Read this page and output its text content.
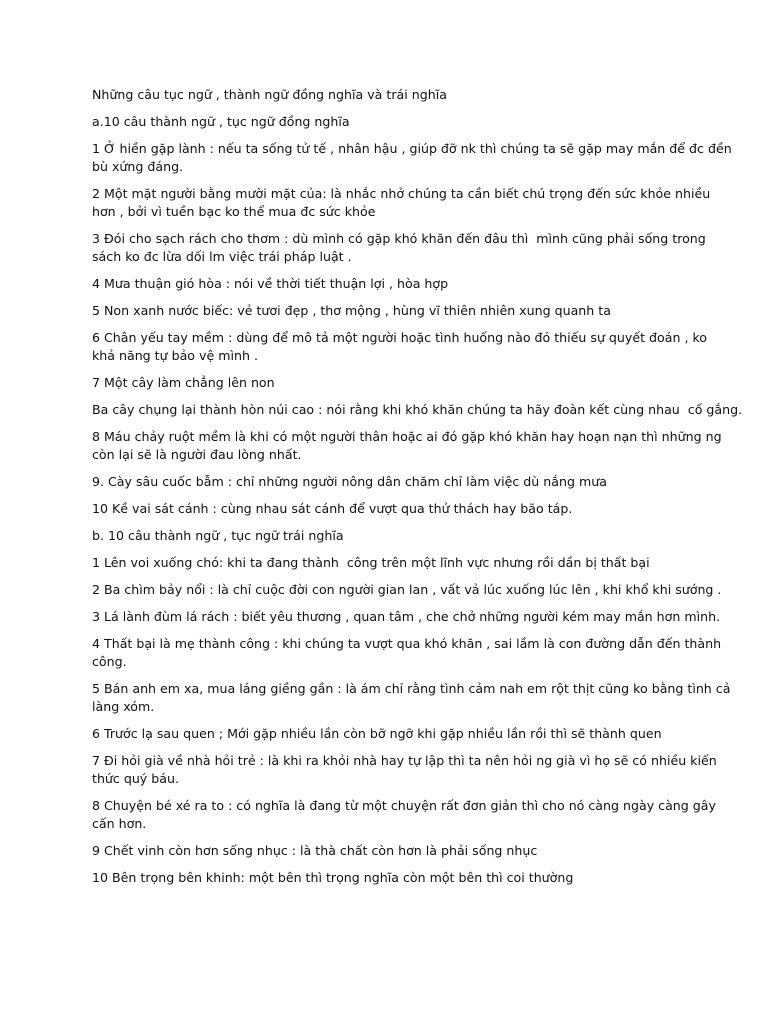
Những câu tục ngữ , thành ngữ đồng nghĩa và trái nghĩa

a.10 câu thành ngữ , tục ngữ đồng nghĩa

1 Ở hiền gặp lành : nếu ta sống tử tế , nhân hậu , giúp đỡ nk thì chúng ta sẽ gặp may mắn để đc đền
bù xứng đáng.

2 Một mặt người bằng mười mặt của: là nhắc nhở chúng ta cần biết chú trọng đến sức khỏe nhiều
hơn , bởi vì tuền bạc ko thể mua đc sức khỏe

3 Đói cho sạch rách cho thơm : dù mình có gặp khó khăn đến đâu thì  mình cũng phải sống trong
sách ko đc lừa dối lm việc trái pháp luật .

4 Mưa thuận gió hòa : nói về thời tiết thuận lợi , hòa hợp

5 Non xanh nước biếc: vẻ tươi đẹp , thơ mộng , hùng vĩ thiên nhiên xung quanh ta

6 Chân yếu tay mềm : dùng để mô tả một người hoặc tình huống nào đó thiếu sự quyết đoán , ko
khả năng tự bảo vệ mình .

7 Một cây làm chẳng lên non

Ba cây chụng lại thành hòn núi cao : nói rằng khi khó khăn chúng ta hãy đoàn kết cùng nhau  cố gắng.

8 Máu chảy ruột mềm là khi có một người thân hoặc ai đó gặp khó khăn hay hoạn nạn thì những ng
còn lại sẽ là người đau lòng nhất.

9. Cày sâu cuốc bẫm : chỉ những người nông dân chăm chỉ làm việc dù nắng mưa

10 Kề vai sát cánh : cùng nhau sát cánh để vượt qua thử thách hay bão táp.

b. 10 câu thành ngữ , tục ngữ trái nghĩa

1 Lên voi xuống chó: khi ta đang thành  công trên một lĩnh vực nhưng rồi dần bị thất bại

2 Ba chìm bảy nổi : là chỉ cuộc đời con người gian lan , vất vả lúc xuống lúc lên , khi khổ khi sướng .

3 Lá lành đùm lá rách : biết yêu thương , quan tâm , che chở những người kém may mắn hơn mình.

4 Thất bại là mẹ thành công : khi chúng ta vượt qua khó khăn , sai lầm là con đường dẫn đến thành
công.

5 Bán anh em xa, mua láng giềng gần : là ám chỉ rằng tình cảm nah em rột thịt cũng ko bằng tình cả
làng xóm.

6 Trước lạ sau quen ; Mới gặp nhiều lần còn bỡ ngỡ khi gặp nhiều lần rồi thì sẽ thành quen

7 Đi hỏi già về nhà hỏi trẻ : là khi ra khỏi nhà hay tự lập thì ta nên hỏi ng già vì họ sẽ có nhiều kiến
thức quý báu.

8 Chuyện bé xé ra to : có nghĩa là đang từ một chuyện rất đơn giản thì cho nó càng ngày càng gây
cấn hơn.

9 Chết vinh còn hơn sống nhục : là thà chất còn hơn là phải sống nhục

10 Bên trọng bên khinh: một bên thì trọng nghĩa còn một bên thì coi thường
